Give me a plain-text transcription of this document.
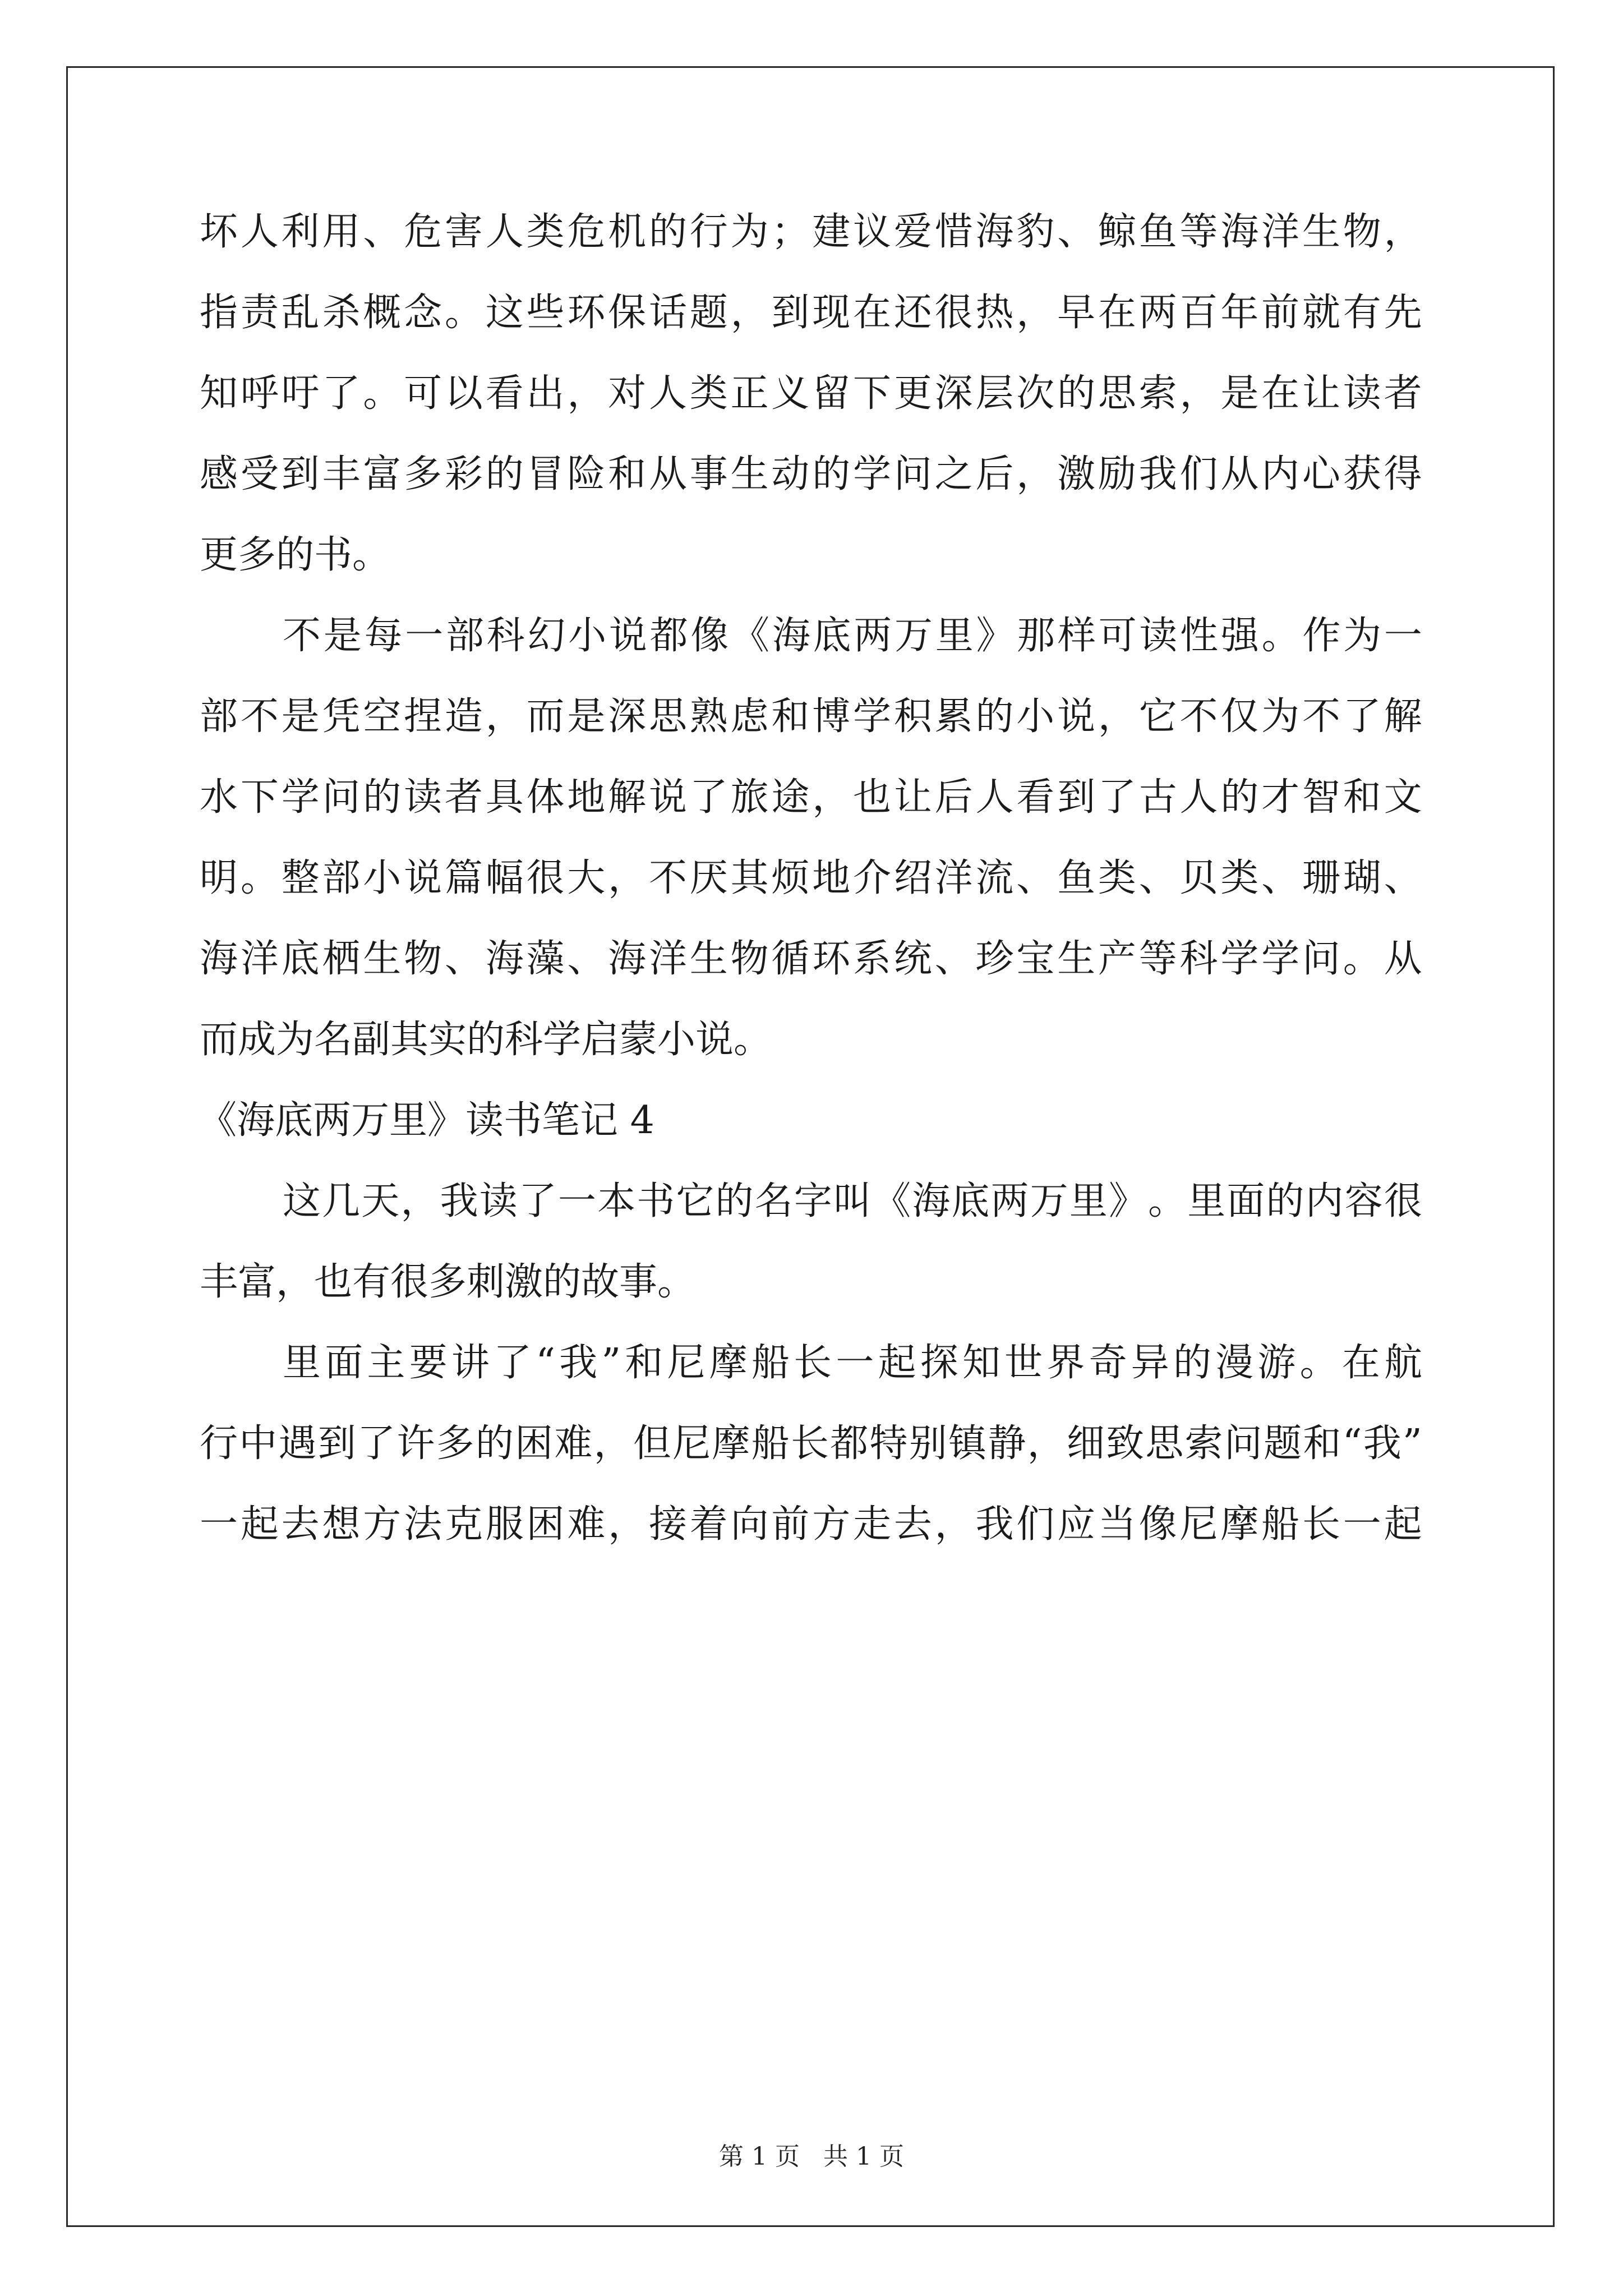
坏 人 利 用 、 危 害 人 类 危 机 的 行 为 ； 建 议 爱 惜 海 豹 、 鲸 鱼 等 海 洋 生 物 ，
指 责 乱 杀 概 念 。 这 些 环 保 话 题 ， 到 现 在 还 很 热 ， 早 在 两 百 年 前 就 有 先
知 呼 吁 了 。 可 以 看 出 ， 对 人 类 正 义 留 下 更 深 层 次 的 思 索 ， 是 在 让 读 者
感 受 到 丰 富 多 彩 的 冒 险 和 从 事 生 动 的 学 问 之 后 ， 激 励 我 们 从 内 心 获 得
更多的书。
不 是 每 一 部 科 幻 小 说 都 像 《 海 底 两 万 里 》 那 样 可 读 性 强 。 作 为 一
部 不 是 凭 空 捏 造 ， 而 是 深 思 熟 虑 和 博 学 积 累 的 小 说 ， 它 不 仅 为 不 了 解
水 下 学 问 的 读 者 具 体 地 解 说 了 旅 途 ， 也 让 后 人 看 到 了 古 人 的 才 智 和 文
明 。 整 部 小 说 篇 幅 很 大 ， 不 厌 其 烦 地 介 绍 洋 流 、 鱼 类 、 贝 类 、 珊 瑚 、
海 洋 底 栖 生 物 、 海 藻 、 海 洋 生 物 循 环 系 统 、 珍 宝 生 产 等 科 学 学 问 。 从
而成为名副其实的科学启蒙小说。
《海底两万里》读书笔记 4
这 几 天 ， 我 读 了 一 本 书 它 的 名 字 叫 《 海 底 两 万 里 》 。 里 面 的 内 容 很
丰富，也有很多刺激的故事。
里 面 主 要 讲 了 “ 我 ” 和 尼 摩 船 长 一 起 探 知 世 界 奇 异 的 漫 游 。 在 航
行 中 遇 到 了 许 多 的 困 难 ， 但 尼 摩 船 长 都 特 别 镇 静 ， 细 致 思 索 问 题 和 “ 我 ”
一 起 去 想 方 法 克 服 困 难 ， 接 着 向 前 方 走 去 ， 我 们 应 当 像 尼 摩 船 长 一 起
第 1 页 共 1 页
